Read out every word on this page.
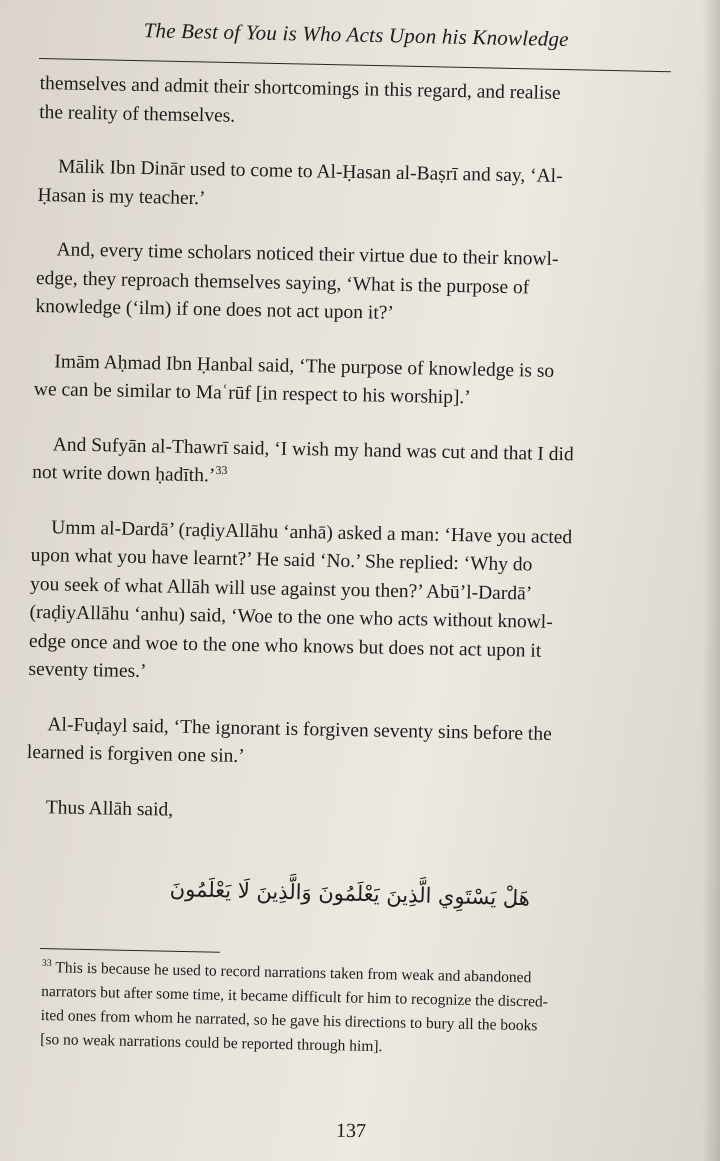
The Best of You is Who Acts Upon his Knowledge

themselves and admit their shortcomings in this regard, and realise
the reality of themselves.

Mālik Ibn Dinār used to come to Al-Ḥasan al-Baṣrī and say, ‘Al-
Ḥasan is my teacher.’

And, every time scholars noticed their virtue due to their knowl-
edge, they reproach themselves saying, ‘What is the purpose of
knowledge (‘ilm) if one does not act upon it?’

Imām Aḥmad Ibn Ḥanbal said, ‘The purpose of knowledge is so
we can be similar to Maʿrūf [in respect to his worship].’

And Sufyān al-Thawrī said, ‘I wish my hand was cut and that I did
not write down ḥadīth.’$^{33}$

Umm al-Dardā’ (raḍiyAllāhu ‘anhā) asked a man: ‘Have you acted
upon what you have learnt?’ He said ‘No.’ She replied: ‘Why do
you seek of what Allāh will use against you then?’ Abū’l-Dardā’
(raḍiyAllāhu ‘anhu) said, ‘Woe to the one who acts without knowl-
edge once and woe to the one who knows but does not act upon it
seventy times.’

Al-Fuḍayl said, ‘The ignorant is forgiven seventy sins before the
learned is forgiven one sin.’

Thus Allāh said,

هَلْ يَسْتَوِي الَّذِينَ يَعْلَمُونَ وَالَّذِينَ لَا يَعْلَمُونَ
$^{33}$ This is because he used to record narrations taken from weak and abandoned
narrators but after some time, it became difficult for him to recognize the discred-
ited ones from whom he narrated, so he gave his directions to bury all the books
[so no weak narrations could be reported through him].
137
